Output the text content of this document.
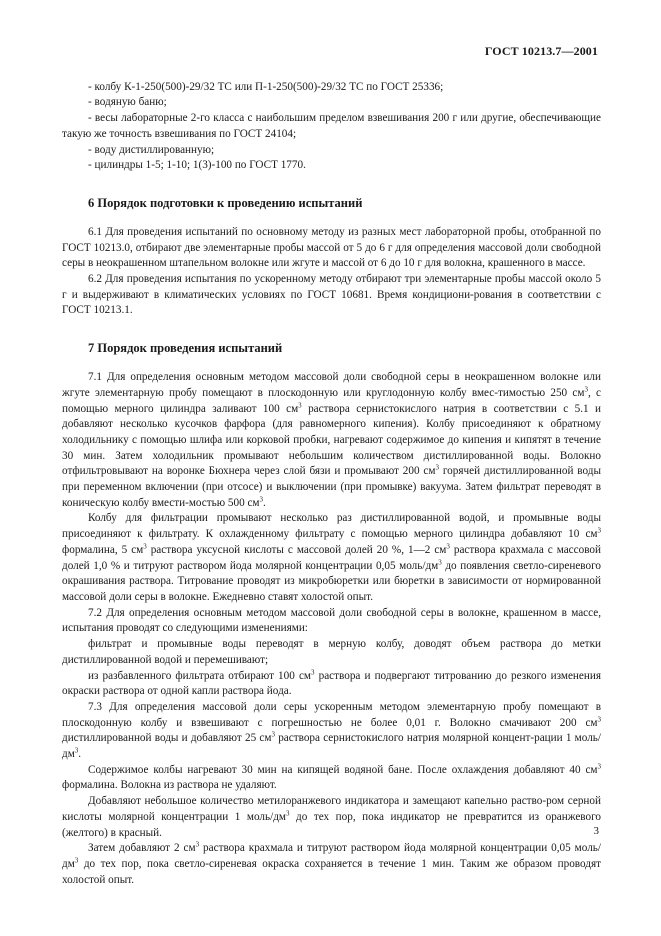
ГОСТ 10213.7—2001

- колбу К-1-250(500)-29/32 ТС или П-1-250(500)-29/32 ТС по ГОСТ 25336;

- водяную баню;

- весы лабораторные 2-го класса с наибольшим пределом взвешивания 200 г или другие, обеспечивающие такую же точность взвешивания по ГОСТ 24104;

- воду дистиллированную;

- цилиндры 1-5; 1-10; 1(3)-100 по ГОСТ 1770.

6 Порядок подготовки к проведению испытаний

6.1 Для проведения испытаний по основному методу из разных мест лабораторной пробы, отобранной по ГОСТ 10213.0, отбирают две элементарные пробы массой от 5 до 6 г для определения массовой доли свободной серы в неокрашенном штапельном волокне или жгуте и массой от 6 до 10 г для волокна, крашенного в массе.

6.2 Для проведения испытания по ускоренному методу отбирают три элементарные пробы массой около 5 г и выдерживают в климатических условиях по ГОСТ 10681. Время кондициони-рования в соответствии с ГОСТ 10213.1.

7 Порядок проведения испытаний

7.1 Для определения основным методом массовой доли свободной серы в неокрашенном волокне или жгуте элементарную пробу помещают в плоскодонную или круглодонную колбу вмес-тимостью 250 $см^3$, с помощью мерного цилиндра заливают 100 $см^3$ раствора сернистокислого натрия в соответствии с 5.1 и добавляют несколько кусочков фарфора (для равномерного кипения). Колбу присоединяют к обратному холодильнику с помощью шлифа или корковой пробки, нагревают содержимое до кипения и кипятят в течение 30 мин. Затем холодильник промывают небольшим количеством дистиллированной воды. Волокно отфильтровывают на воронке Бюхнера через слой бязи и промывают 200 $см^3$ горячей дистиллированной воды при переменном включении (при отсосе) и выключении (при промывке) вакуума. Затем фильтрат переводят в коническую колбу вмести-мостью 500 $см^3$.

Колбу для фильтрации промывают несколько раз дистиллированной водой, и промывные воды присоединяют к фильтрату. К охлажденному фильтрату с помощью мерного цилиндра добавляют 10 $см^3$ формалина, 5 $см^3$ раствора уксусной кислоты с массовой долей 20 %, 1—2 $см^3$ раствора крахмала с массовой долей 1,0 % и титруют раствором йода молярной концентрации 0,05 моль/$дм^3$ до появления светло-сиреневого окрашивания раствора. Титрование проводят из микробюретки или бюретки в зависимости от нормированной массовой доли серы в волокне. Ежедневно ставят холостой опыт.

7.2 Для определения основным методом массовой доли свободной серы в волокне, крашенном в массе, испытания проводят со следующими изменениями:

фильтрат и промывные воды переводят в мерную колбу, доводят объем раствора до метки дистиллированной водой и перемешивают;

из разбавленного фильтрата отбирают 100 $см^3$ раствора и подвергают титрованию до резкого изменения окраски раствора от одной капли раствора йода.

7.3 Для определения массовой доли серы ускоренным методом элементарную пробу помещают в плоскодонную колбу и взвешивают с погрешностью не более 0,01 г. Волокно смачивают 200 $см^3$ дистиллированной воды и добавляют 25 $см^3$ раствора сернистокислого натрия молярной концент-рации 1 моль/$дм^3$.

Содержимое колбы нагревают 30 мин на кипящей водяной бане. После охлаждения добавляют 40 $см^3$ формалина. Волокна из раствора не удаляют.

Добавляют небольшое количество метилоранжевого индикатора и замещают капельно раство-ром серной кислоты молярной концентрации 1 моль/$дм^3$ до тех пор, пока индикатор не превратится из оранжевого (желтого) в красный.

Затем добавляют 2 $см^3$ раствора крахмала и титруют раствором йода молярной концентрации 0,05 моль/$дм^3$ до тех пор, пока светло-сиреневая окраска сохраняется в течение 1 мин. Таким же образом проводят холостой опыт.

3
